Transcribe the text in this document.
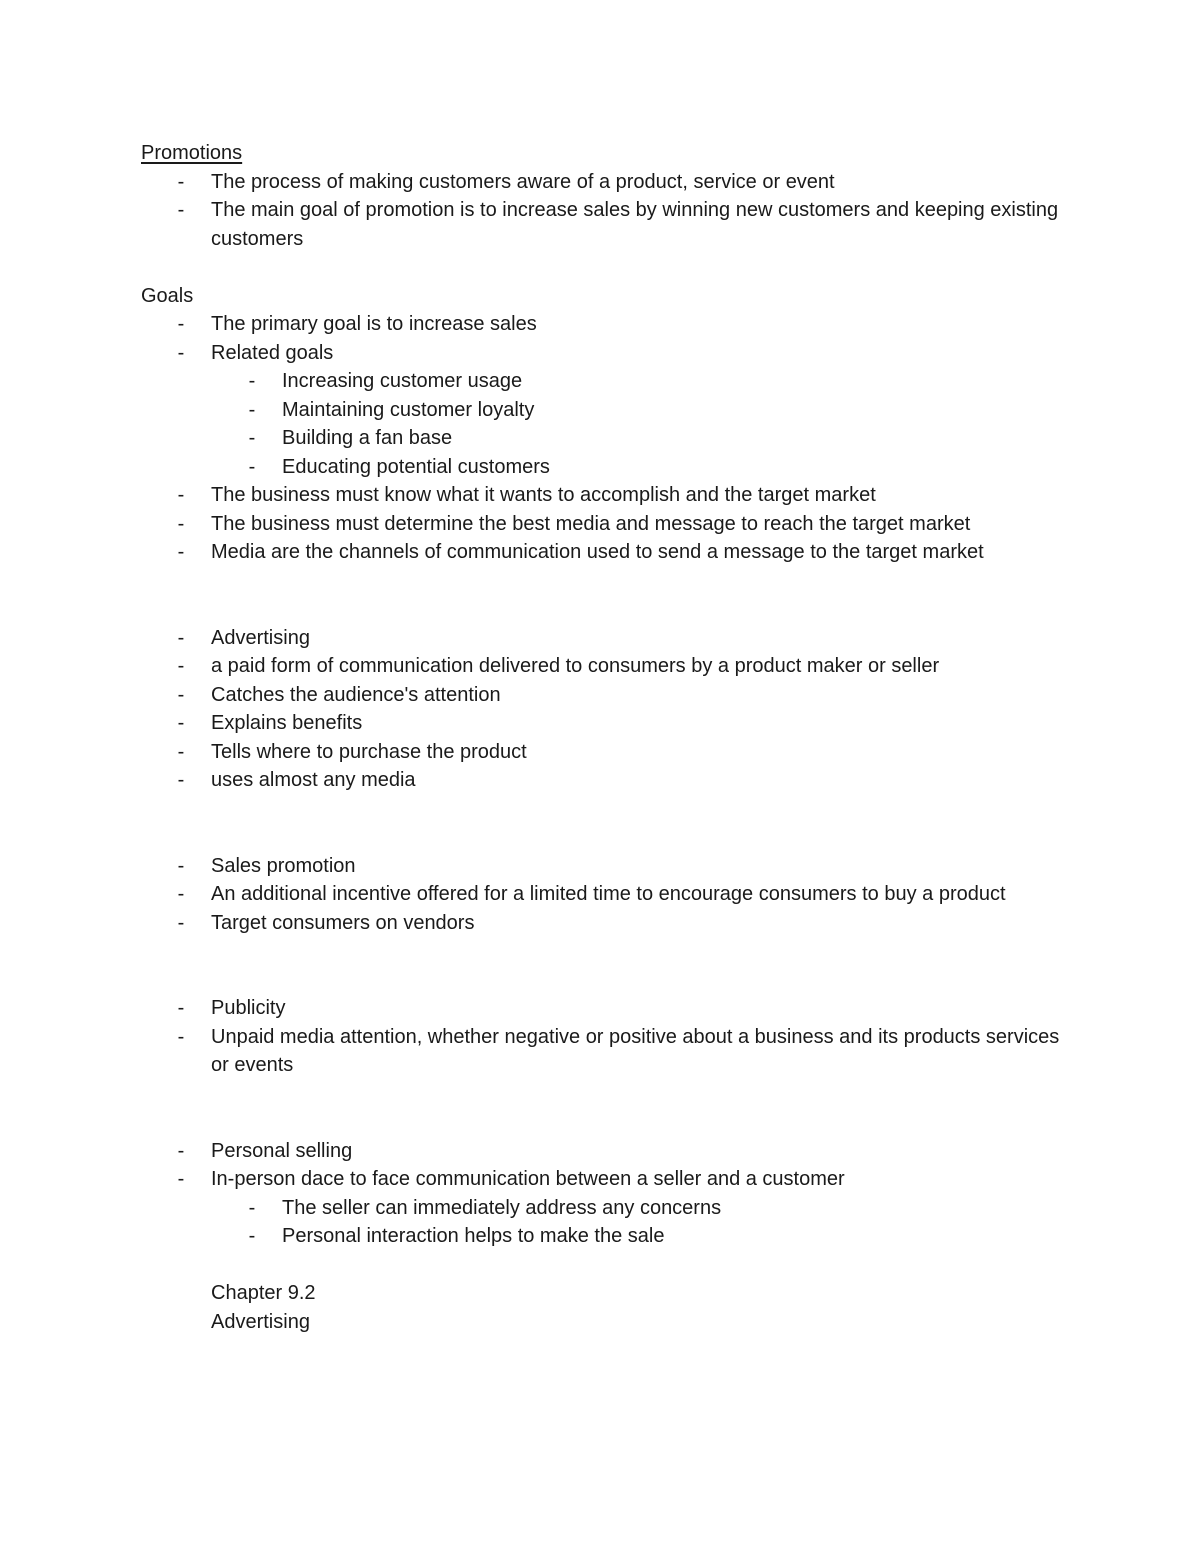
Promotions
- The process of making customers aware of a product, service or event
- The main goal of promotion is to increase sales by winning new customers and keeping existing customers
Goals
- The primary goal is to increase sales
- Related goals
- Increasing customer usage
- Maintaining customer loyalty
- Building a fan base
- Educating potential customers
- The business must know what it wants to accomplish and the target market
- The business must determine the best media and message to reach the target market
- Media are the channels of communication used to send a message to the target market
- Advertising
- a paid form of communication delivered to consumers by a product maker or seller
- Catches the audience's attention
- Explains benefits
- Tells where to purchase the product
- uses almost any media
- Sales promotion
- An additional incentive offered for a limited time to encourage consumers to buy a product
- Target consumers on vendors
- Publicity
- Unpaid media attention, whether negative or positive about a business and its products services or events
- Personal selling
- In-person dace to face communication between a seller and a customer
- The seller can immediately address any concerns
- Personal interaction helps to make the sale
Chapter 9.2
Advertising
